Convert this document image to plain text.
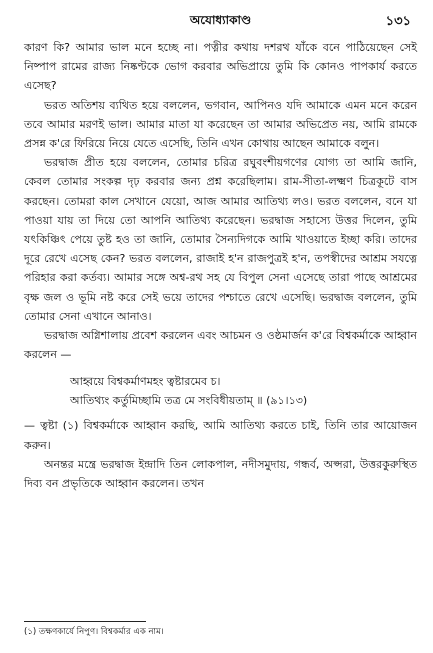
অযোধ্যাকাণ্ড	১৩১

কারণ কি? আমার ভাল মনে হচ্ছে না। পত্নীর কথায় দশরথ যাঁকে বনে পাঠিয়েছেন সেই নিষ্পাপ রামের রাজ্য নিষ্কণ্টকে ভোগ করবার অভিপ্রায়ে তুমি কি কোনও পাপকার্য করতে এসেছ?

ভরত অতিশয় ব্যথিত হয়ে বললেন, ভগবান, আপিনও যদি আমাকে এমন মনে করেন তবে আমার মরণই ভাল। আমার মাতা যা করেছেন তা আমার অভিপ্রেত নয়, আমি রামকে প্রসন্ন ক'রে ফিরিয়ে নিয়ে যেতে এসেছি, তিনি এখন কোথায় আছেন আমাকে বলুন।

ভরদ্বাজ প্রীত হয়ে বললেন, তোমার চরিত্র রঘুবংশীয়গণের যোগ্য তা আমি জানি, কেবল তোমার সংকল্প দৃঢ় করবার জন্য প্রশ্ন করেছিলাম। রাম-সীতা-লক্ষ্মণ চিত্রকূটে বাস করছেন। তোমরা কাল সেখানে যেয়ো, আজ আমার আতিথ্য লও। ভরত বললেন, বনে যা পাওয়া যায় তা দিয়ে তো আপনি আতিথ্য করেছেন। ভরদ্বাজ সহাস্যে উত্তর দিলেন, তুমি যৎকিঞ্চিৎ পেয়ে তুষ্ট হও তা জানি, তোমার সৈন্যদিগকে আমি খাওয়াতে ইচ্ছা করি। তাদের দূরে রেখে এসেছ কেন? ভরত বললেন, রাজাই হ'ন রাজপুত্রই হ'ন, তপস্বীদের আশ্রম সযত্নে পরিহার করা কর্তব্য। আমার সঙ্গে অশ্ব-রথ সহ যে বিপুল সেনা এসেছে তারা পাছে আশ্রমের বৃক্ষ জল ও ভূমি নষ্ট করে সেই ভয়ে তাদের পশ্চাতে রেখে এসেছি। ভরদ্বাজ বললেন, তুমি তোমার সেনা এখানে আনাও।

ভরদ্বাজ অগ্নিশালায় প্রবেশ করলেন এবং আচমন ও ওষ্ঠমার্জন ক'রে বিশ্বকর্মাকে আহ্বান করলেন —

আহ্বয়ে বিশ্বকর্মাণমহং ত্বষ্টারমেব চ।
আতিথ্যং কর্তুমিচ্ছামি তত্র মে সংবিধীয়তাম্ ॥ (৯১।১৩)

— ত্বষ্টা (১) বিশ্বকর্মাকে আহ্বান করছি, আমি আতিথ্য করতে চাই, তিনি তার আয়োজন করুন।

অনন্তর মন্ত্রে ভরদ্বাজ ইন্দ্রাদি তিন লোকপাল, নদীসমুদায়, গন্ধর্ব, অপ্সরা, উত্তরকুরুস্থিত দিব্য বন প্রভৃতিকে আহ্বান করলেন। তখন

(১) তক্ষণকার্যে নিপুণ। বিশ্বকর্মার এক নাম।
